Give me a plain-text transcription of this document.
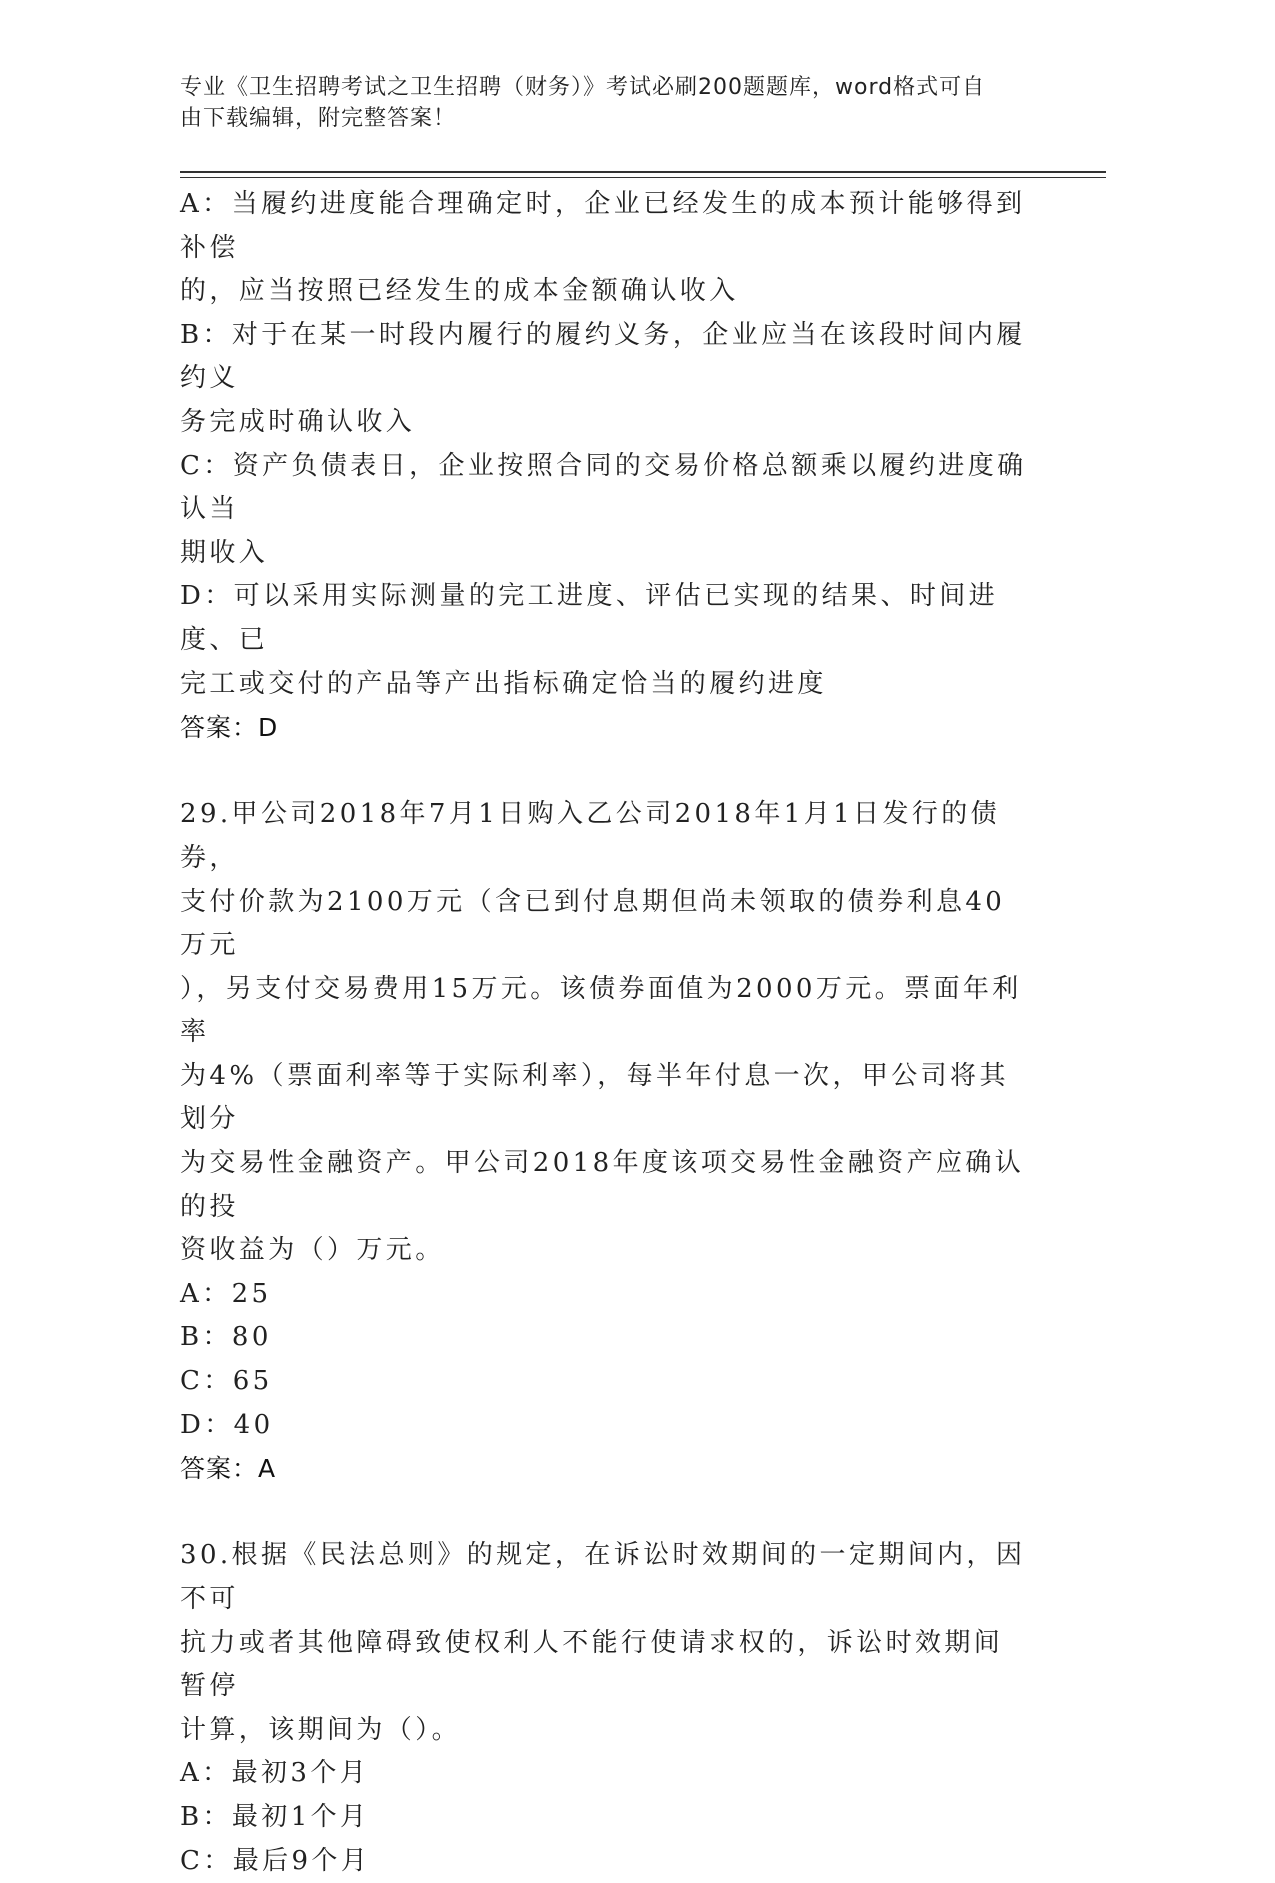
专业《卫生招聘考试之卫生招聘（财务）》考试必刷200题题库，word格式可自
由下载编辑，附完整答案！
A：当履约进度能合理确定时，企业已经发生的成本预计能够得到补偿
的，应当按照已经发生的成本金额确认收入
B：对于在某一时段内履行的履约义务，企业应当在该段时间内履约义
务完成时确认收入
C：资产负债表日，企业按照合同的交易价格总额乘以履约进度确认当
期收入
D：可以采用实际测量的完工进度、评估已实现的结果、时间进度、已
完工或交付的产品等产出指标确定恰当的履约进度
答案：D
29.甲公司2018年7月1日购入乙公司2018年1月1日发行的债券，
支付价款为2100万元（含已到付息期但尚未领取的债券利息40万元
），另支付交易费用15万元。该债券面值为2000万元。票面年利率
为4%（票面利率等于实际利率），每半年付息一次，甲公司将其划分
为交易性金融资产。甲公司2018年度该项交易性金融资产应确认的投
资收益为（）万元。
A：25
B：80
C：65
D：40
答案：A
30.根据《民法总则》的规定，在诉讼时效期间的一定期间内，因不可
抗力或者其他障碍致使权利人不能行使请求权的，诉讼时效期间暂停
计算，该期间为（）。
A：最初3个月
B：最初1个月
C：最后9个月
